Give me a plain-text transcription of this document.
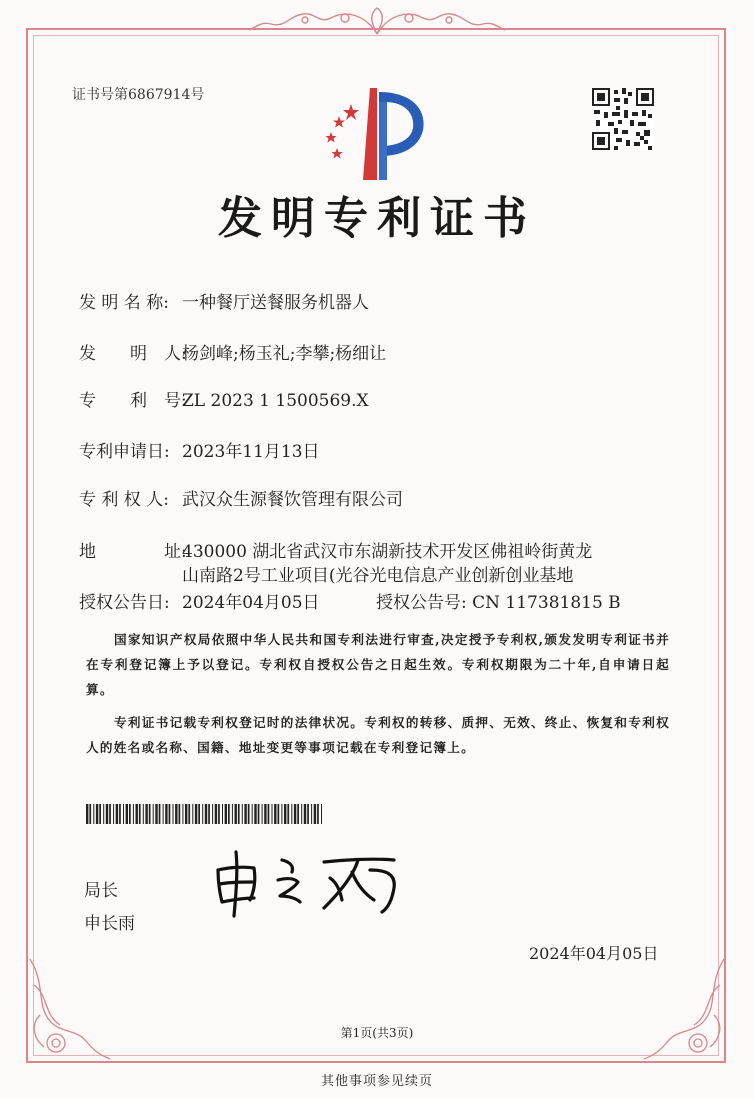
证书号第6867914号
发明专利证书
发 明 名 称: 一种餐厅送餐服务机器人
发　　明　人:杨剑峰;杨玉礼;李攀;杨细让
专　　利　号:ZL 2023 1 1500569.X
专利申请日: 2023年11月13日
专 利 权 人: 武汉众生源餐饮管理有限公司
地　　　　址:430000 湖北省武汉市东湖新技术开发区佛祖岭街黄龙
山南路2号工业项目(光谷光电信息产业创新创业基地
授权公告日: 2024年04月05日	授权公告号: CN 117381815 B
国家知识产权局依照中华人民共和国专利法进行审查,决定授予专利权,颁发发明专利证书并在专利登记簿上予以登记。专利权自授权公告之日起生效。专利权期限为二十年,自申请日起算。
专利证书记载专利权登记时的法律状况。专利权的转移、质押、无效、终止、恢复和专利权人的姓名或名称、国籍、地址变更等事项记载在专利登记簿上。
局长
申长雨
2024年04月05日
第1页(共3页)
其他事项参见续页
